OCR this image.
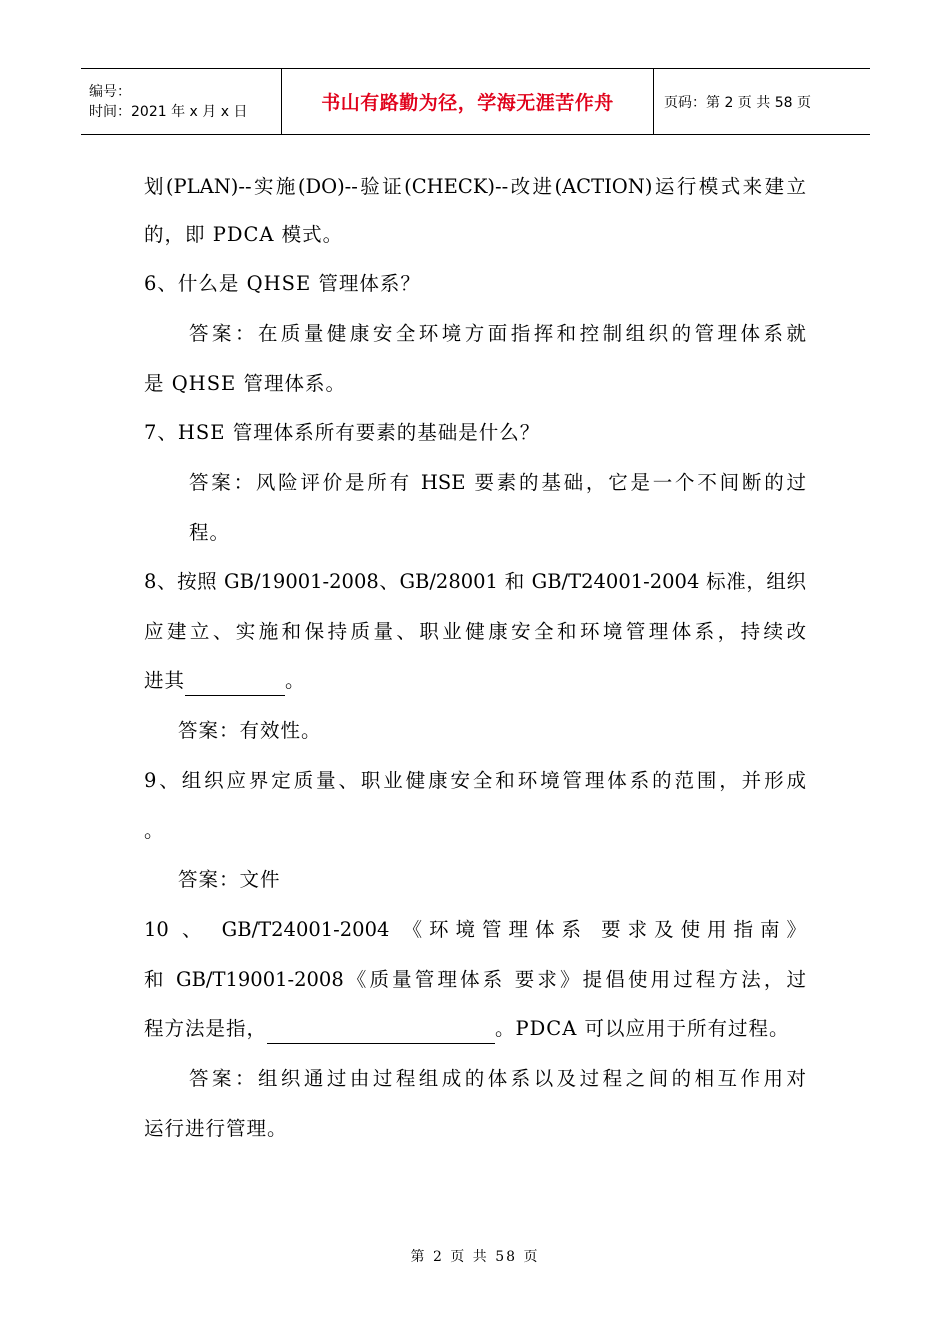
编号：
时间：2021 年 x 月 x 日	书山有路勤为径，学海无涯苦作舟	页码：第 2 页 共 58 页
划(PLAN)--实施(DO)--验证(CHECK)--改进(ACTION)运行模式来建立
的，即 PDCA 模式。
6、什么是 QHSE 管理体系？
答案：在质量健康安全环境方面指挥和控制组织的管理体系就
是 QHSE 管理体系。
7、HSE 管理体系所有要素的基础是什么？
答案：风险评价是所有 HSE 要素的基础，它是一个不间断的过
程。
8、按照 GB/19001-2008、GB/28001 和 GB/T24001-2004 标准，组织
应建立、实施和保持质量、职业健康安全和环境管理体系，持续改
进其	。
答案：有效性。
9、组织应界定质量、职业健康安全和环境管理体系的范围，并形成
。
答案：文件
10 、 GB/T24001-2004 《环境管理体系 要求及使用指南》
和 GB/T19001-2008《质量管理体系 要求》提倡使用过程方法，过
程方法是指，	。PDCA 可以应用于所有过程。
答案：组织通过由过程组成的体系以及过程之间的相互作用对
运行进行管理。
第 2 页 共 58 页
